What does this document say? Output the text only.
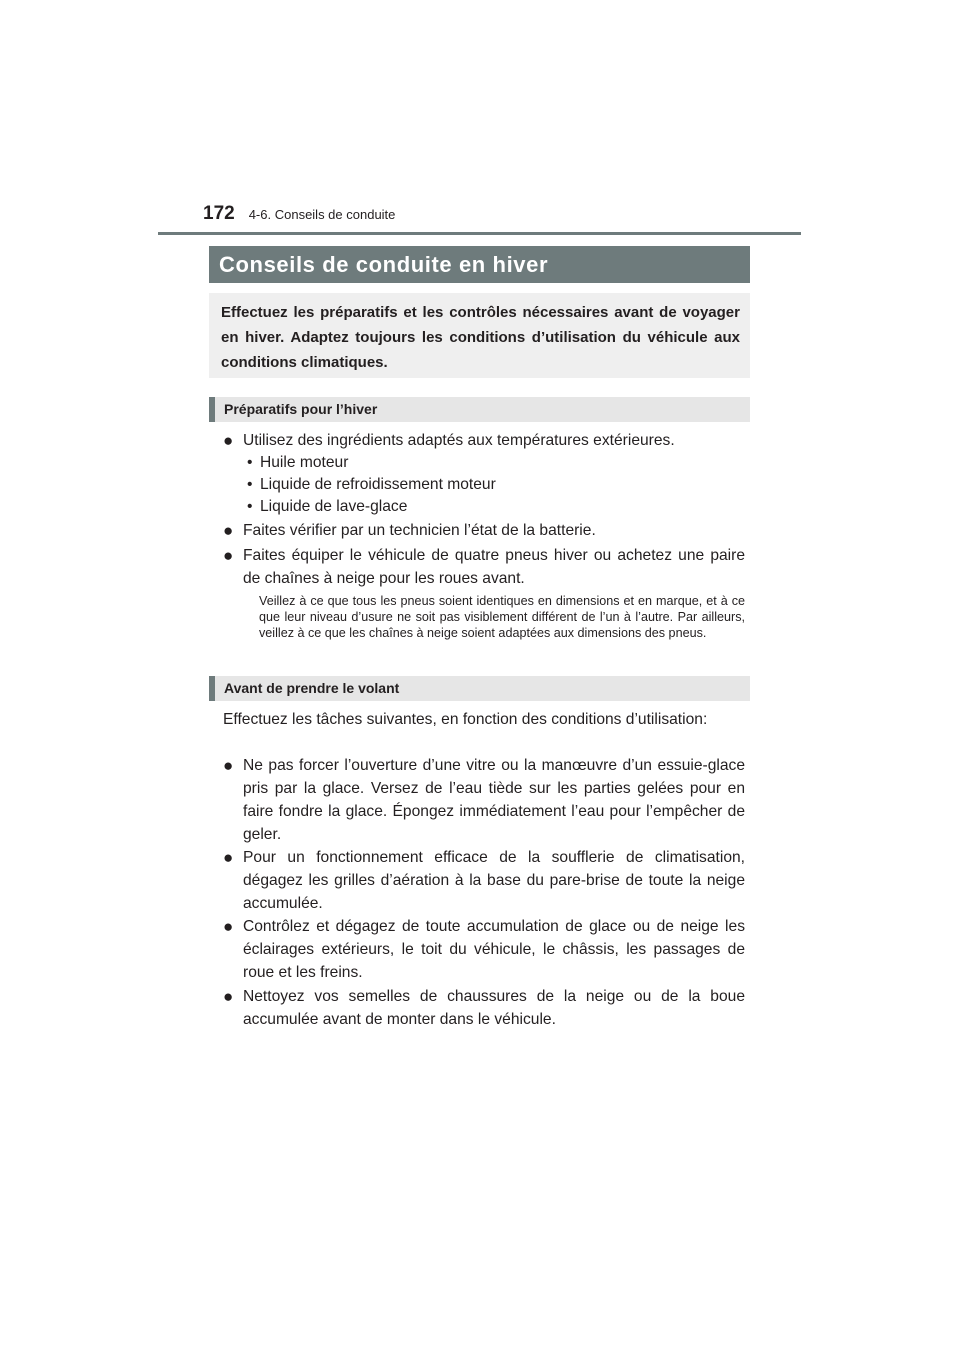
172 4-6. Conseils de conduite
Conseils de conduite en hiver
Effectuez les préparatifs et les contrôles nécessaires avant de voyager en hiver. Adaptez toujours les conditions d’utilisation du véhicule aux conditions climatiques.
Préparatifs pour l’hiver
● Utilisez des ingrédients adaptés aux températures extérieures.
• Huile moteur
• Liquide de refroidissement moteur
• Liquide de lave-glace
● Faites vérifier par un technicien l’état de la batterie.
● Faites équiper le véhicule de quatre pneus hiver ou achetez une paire de chaînes à neige pour les roues avant.
Veillez à ce que tous les pneus soient identiques en dimensions et en marque, et à ce que leur niveau d’usure ne soit pas visiblement différent de l’un à l’autre. Par ailleurs, veillez à ce que les chaînes à neige soient adaptées aux dimensions des pneus.
Avant de prendre le volant
Effectuez les tâches suivantes, en fonction des conditions d’utilisation:
● Ne pas forcer l’ouverture d’une vitre ou la manœuvre d’un essuie-glace pris par la glace. Versez de l’eau tiède sur les parties gelées pour en faire fondre la glace. Épongez immédiatement l’eau pour l’empêcher de geler.
● Pour un fonctionnement efficace de la soufflerie de climatisation, dégagez les grilles d’aération à la base du pare-brise de toute la neige accumulée.
● Contrôlez et dégagez de toute accumulation de glace ou de neige les éclairages extérieurs, le toit du véhicule, le châssis, les passages de roue et les freins.
● Nettoyez vos semelles de chaussures de la neige ou de la boue accumulée avant de monter dans le véhicule.
